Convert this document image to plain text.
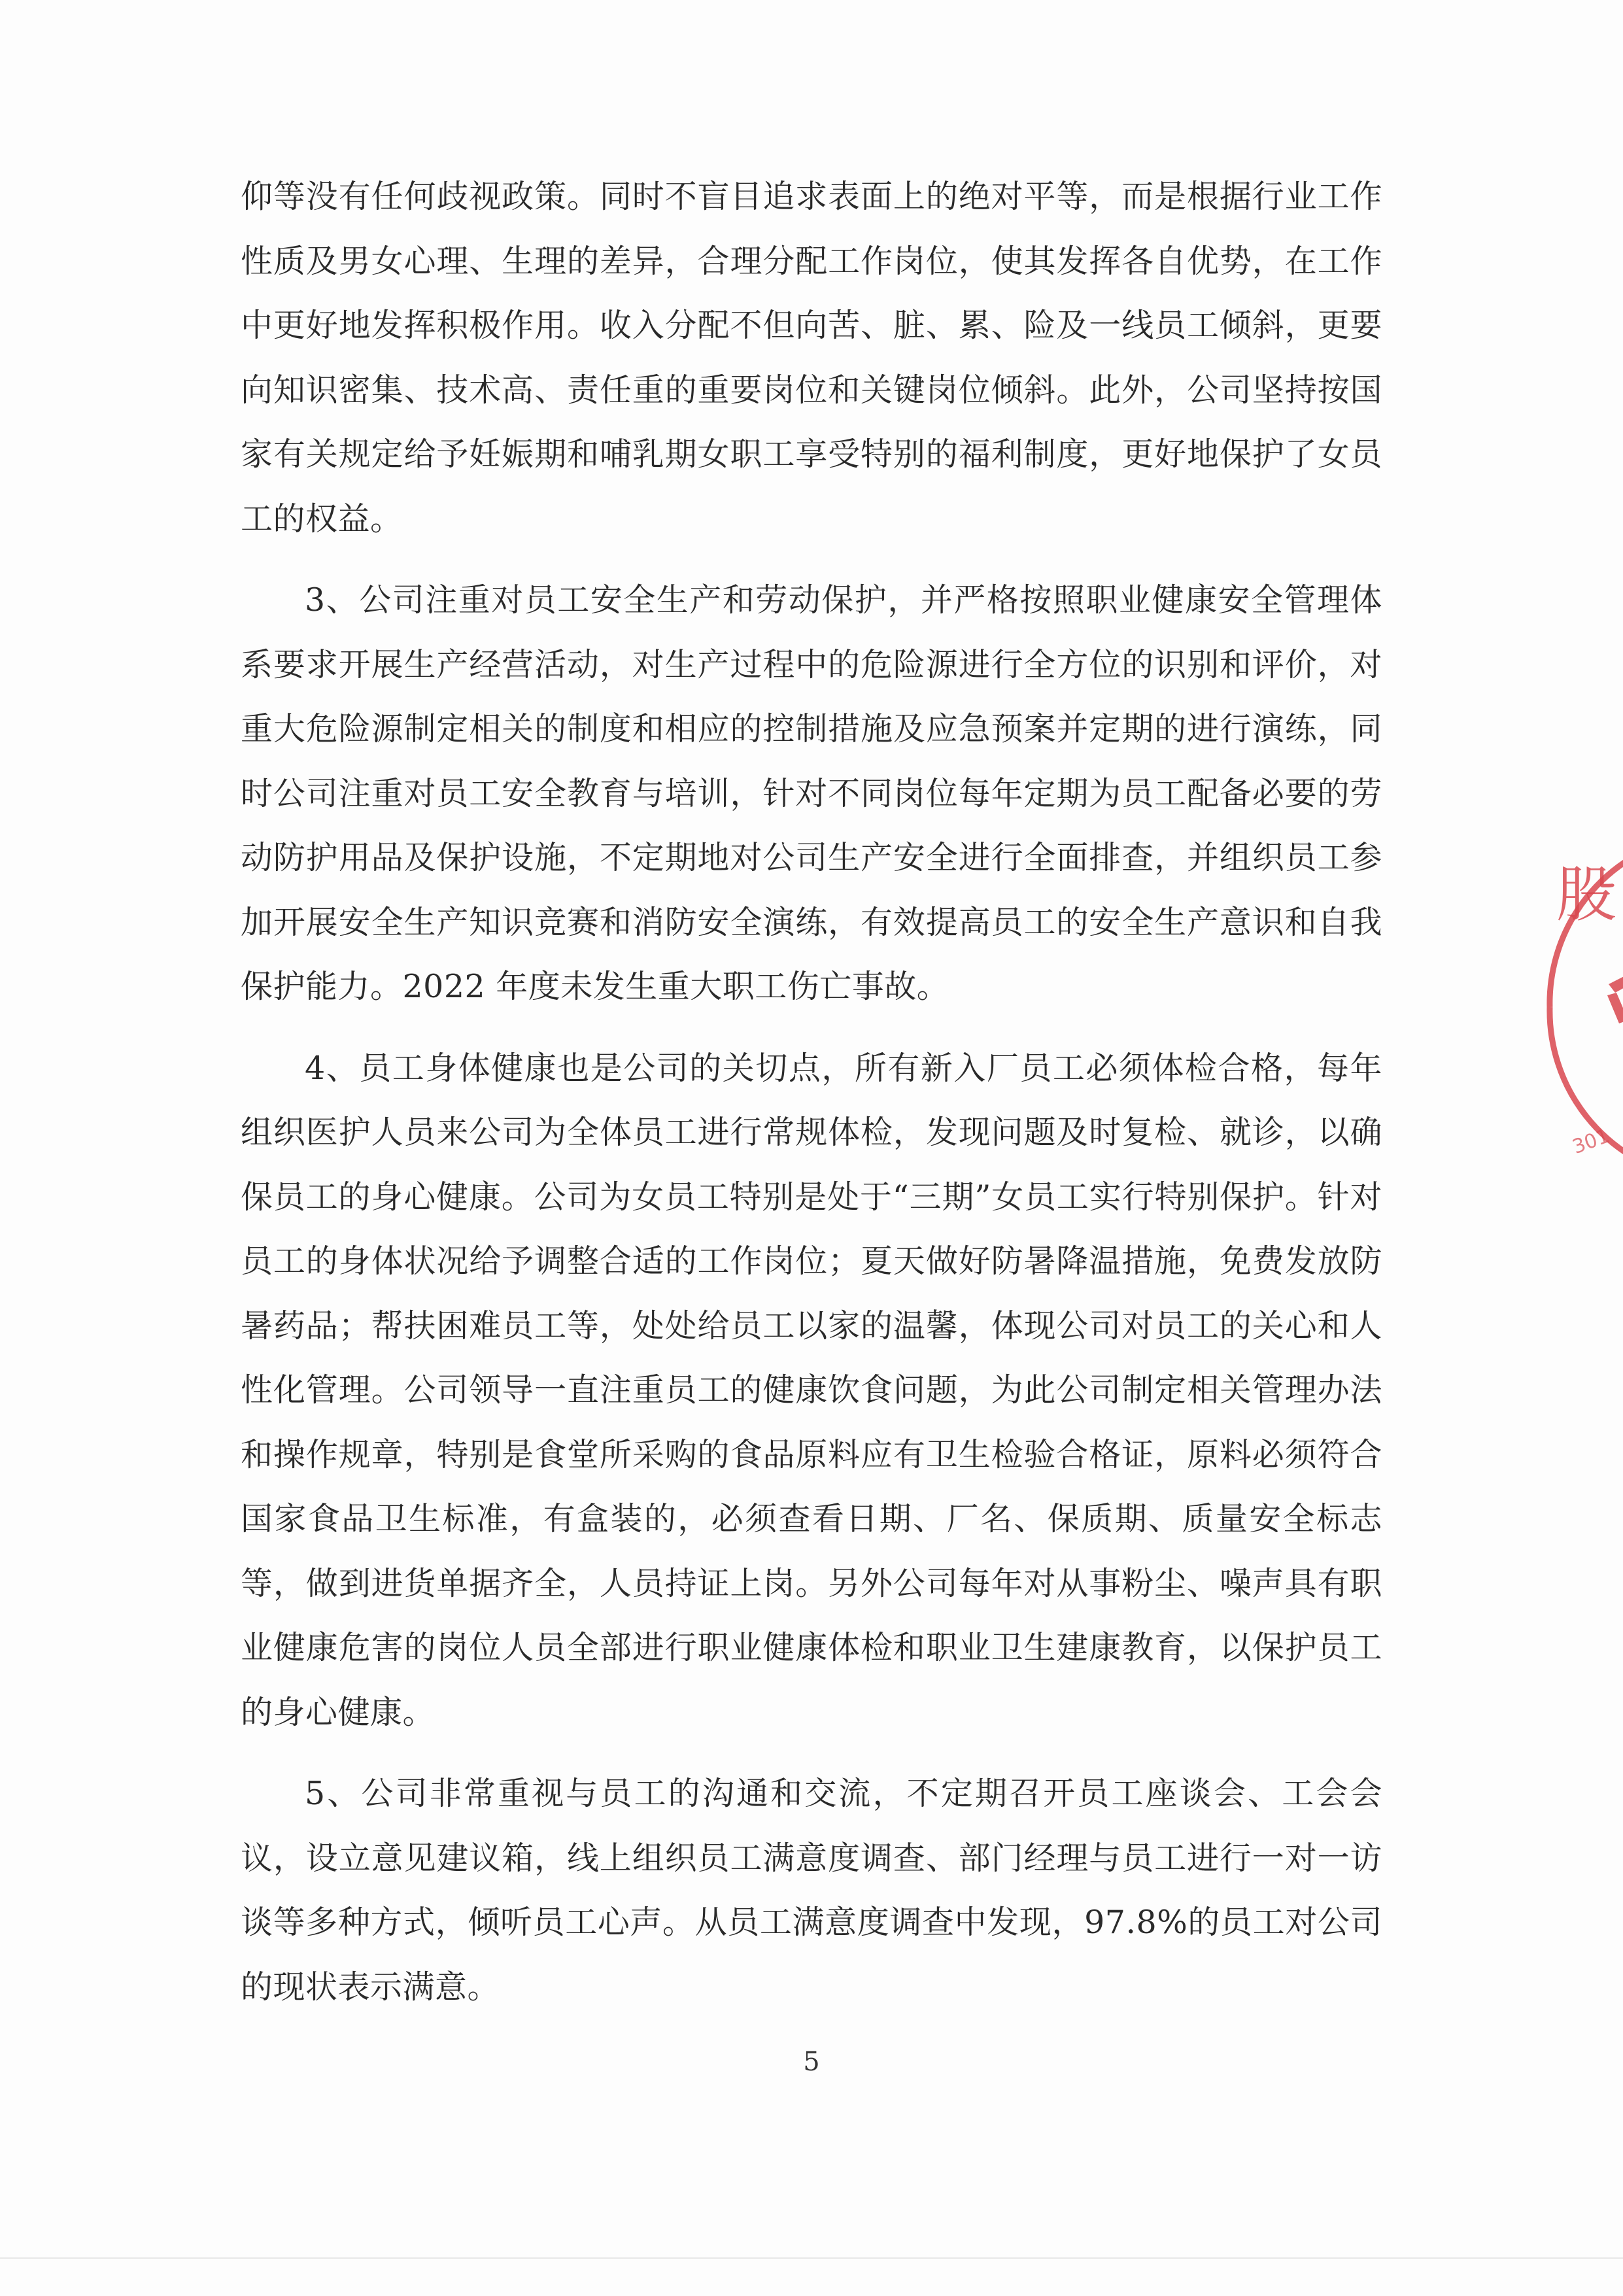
仰等没有任何歧视政策。同时不盲目追求表面上的绝对平等，而是根据行业工作性质及男女心理、生理的差异，合理分配工作岗位，使其发挥各自优势，在工作中更好地发挥积极作用。收入分配不但向苦、脏、累、险及一线员工倾斜，更要向知识密集、技术高、责任重的重要岗位和关键岗位倾斜。此外，公司坚持按国家有关规定给予妊娠期和哺乳期女职工享受特别的福利制度，更好地保护了女员工的权益。

3、公司注重对员工安全生产和劳动保护，并严格按照职业健康安全管理体系要求开展生产经营活动，对生产过程中的危险源进行全方位的识别和评价，对重大危险源制定相关的制度和相应的控制措施及应急预案并定期的进行演练，同时公司注重对员工安全教育与培训，针对不同岗位每年定期为员工配备必要的劳动防护用品及保护设施，不定期地对公司生产安全进行全面排查，并组织员工参加开展安全生产知识竞赛和消防安全演练，有效提高员工的安全生产意识和自我保护能力。2022 年度未发生重大职工伤亡事故。

4、员工身体健康也是公司的关切点，所有新入厂员工必须体检合格，每年组织医护人员来公司为全体员工进行常规体检，发现问题及时复检、就诊，以确保员工的身心健康。公司为女员工特别是处于“三期”女员工实行特别保护。针对员工的身体状况给予调整合适的工作岗位；夏天做好防暑降温措施，免费发放防暑药品；帮扶困难员工等，处处给员工以家的温馨，体现公司对员工的关心和人性化管理。公司领导一直注重员工的健康饮食问题，为此公司制定相关管理办法和操作规章，特别是食堂所采购的食品原料应有卫生检验合格证，原料必须符合国家食品卫生标准，有盒装的，必须查看日期、厂名、保质期、质量安全标志等，做到进货单据齐全，人员持证上岗。另外公司每年对从事粉尘、噪声具有职业健康危害的岗位人员全部进行职业健康体检和职业卫生建康教育，以保护员工的身心健康。

5、公司非常重视与员工的沟通和交流，不定期召开员工座谈会、工会会议，设立意见建议箱，线上组织员工满意度调查、部门经理与员工进行一对一访谈等多种方式，倾听员工心声。从员工满意度调查中发现，97.8%的员工对公司的现状表示满意。

5
股
301
